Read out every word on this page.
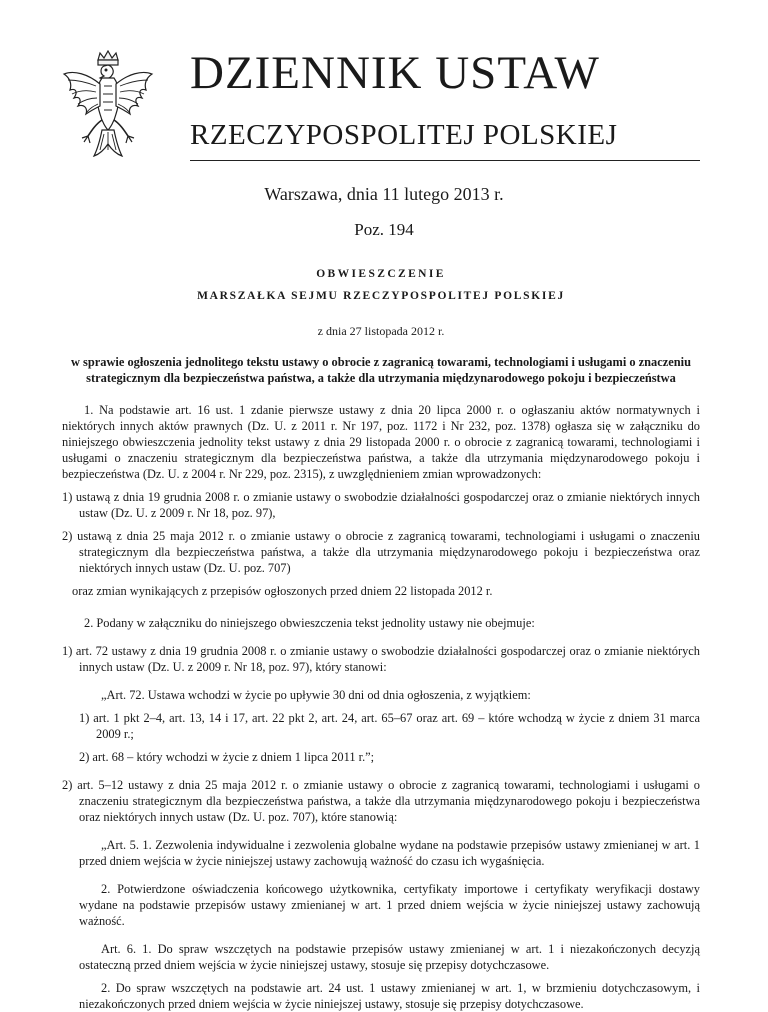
DZIENNIK USTAW
RZECZYPOSPOLITEJ POLSKIEJ
Warszawa, dnia 11 lutego 2013 r.
Poz. 194

OBWIESZCZENIE

MARSZAŁKA SEJMU RZECZYPOSPOLITEJ POLSKIEJ

z dnia 27 listopada 2012 r.

w sprawie ogłoszenia jednolitego tekstu ustawy o obrocie z zagranicą towarami, technologiami i usługami o znaczeniu strategicznym dla bezpieczeństwa państwa, a także dla utrzymania międzynarodowego pokoju i bezpieczeństwa

1. Na podstawie art. 16 ust. 1 zdanie pierwsze ustawy z dnia 20 lipca 2000 r. o ogłaszaniu aktów normatywnych i niektórych innych aktów prawnych (Dz. U. z 2011 r. Nr 197, poz. 1172 i Nr 232, poz. 1378) ogłasza się w załączniku do niniejszego obwieszczenia jednolity tekst ustawy z dnia 29 listopada 2000 r. o obrocie z zagranicą towarami, technologiami i usługami o znaczeniu strategicznym dla bezpieczeństwa państwa, a także dla utrzymania międzynarodowego pokoju i bezpieczeństwa (Dz. U. z 2004 r. Nr 229, poz. 2315), z uwzględnieniem zmian wprowadzonych:

1) ustawą z dnia 19 grudnia 2008 r. o zmianie ustawy o swobodzie działalności gospodarczej oraz o zmianie niektórych innych ustaw (Dz. U. z 2009 r. Nr 18, poz. 97),

2) ustawą z dnia 25 maja 2012 r. o zmianie ustawy o obrocie z zagranicą towarami, technologiami i usługami o znaczeniu strategicznym dla bezpieczeństwa państwa, a także dla utrzymania międzynarodowego pokoju i bezpieczeństwa oraz niektórych innych ustaw (Dz. U. poz. 707)

oraz zmian wynikających z przepisów ogłoszonych przed dniem 22 listopada 2012 r.

2. Podany w załączniku do niniejszego obwieszczenia tekst jednolity ustawy nie obejmuje:

1) art. 72 ustawy z dnia 19 grudnia 2008 r. o zmianie ustawy o swobodzie działalności gospodarczej oraz o zmianie niektórych innych ustaw (Dz. U. z 2009 r. Nr 18, poz. 97), który stanowi:

„Art. 72. Ustawa wchodzi w życie po upływie 30 dni od dnia ogłoszenia, z wyjątkiem:

1) art. 1 pkt 2–4, art. 13, 14 i 17, art. 22 pkt 2, art. 24, art. 65–67 oraz art. 69 – które wchodzą w życie z dniem 31 marca 2009 r.;

2) art. 68 – który wchodzi w życie z dniem 1 lipca 2011 r.”;

2) art. 5–12 ustawy z dnia 25 maja 2012 r. o zmianie ustawy o obrocie z zagranicą towarami, technologiami i usługami o znaczeniu strategicznym dla bezpieczeństwa państwa, a także dla utrzymania międzynarodowego pokoju i bezpieczeństwa oraz niektórych innych ustaw (Dz. U. poz. 707), które stanowią:

„Art. 5. 1. Zezwolenia indywidualne i zezwolenia globalne wydane na podstawie przepisów ustawy zmienianej w art. 1 przed dniem wejścia w życie niniejszej ustawy zachowują ważność do czasu ich wygaśnięcia.

2. Potwierdzone oświadczenia końcowego użytkownika, certyfikaty importowe i certyfikaty weryfikacji dostawy wydane na podstawie przepisów ustawy zmienianej w art. 1 przed dniem wejścia w życie niniejszej ustawy zachowują ważność.

Art. 6. 1. Do spraw wszczętych na podstawie przepisów ustawy zmienianej w art. 1 i niezakończonych decyzją ostateczną przed dniem wejścia w życie niniejszej ustawy, stosuje się przepisy dotychczasowe.

2. Do spraw wszczętych na podstawie art. 24 ust. 1 ustawy zmienianej w art. 1, w brzmieniu dotychczasowym, i niezakończonych przed dniem wejścia w życie niniejszej ustawy, stosuje się przepisy dotychczasowe.
